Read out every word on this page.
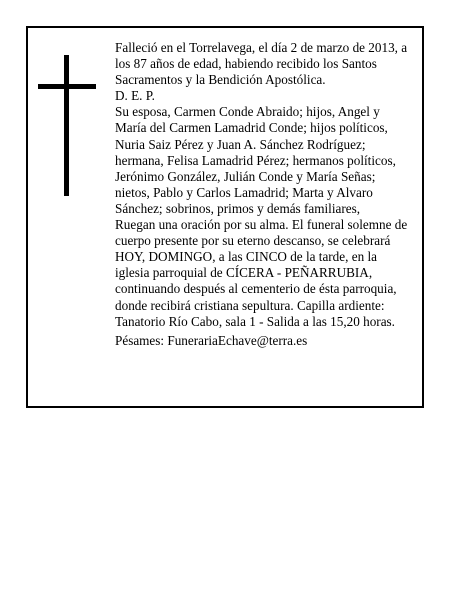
Falleció en el Torrelavega, el día 2 de marzo de 2013, a
los 87 años de edad, habiendo recibido los Santos
Sacramentos y la Bendición Apostólica.

D. E. P.

Su esposa, Carmen Conde Abraido; hijos, Angel y
María del Carmen Lamadrid Conde; hijos políticos,
Nuria Saiz Pérez y Juan A. Sánchez Rodríguez;
hermana, Felisa Lamadrid Pérez; hermanos políticos,
Jerónimo González, Julián Conde y María Señas;
nietos, Pablo y Carlos Lamadrid; Marta y Alvaro
Sánchez; sobrinos, primos y demás familiares,
Ruegan una oración por su alma. El funeral solemne de
cuerpo presente por su eterno descanso, se celebrará
HOY, DOMINGO, a las CINCO de la tarde, en la
iglesia parroquial de CÍCERA - PEÑARRUBIA,
continuando después al cementerio de ésta parroquia,
donde recibirá cristiana sepultura. Capilla ardiente:
Tanatorio Río Cabo, sala 1 - Salida a las 15,20 horas.

Pésames: FunerariaEchave@terra.es
